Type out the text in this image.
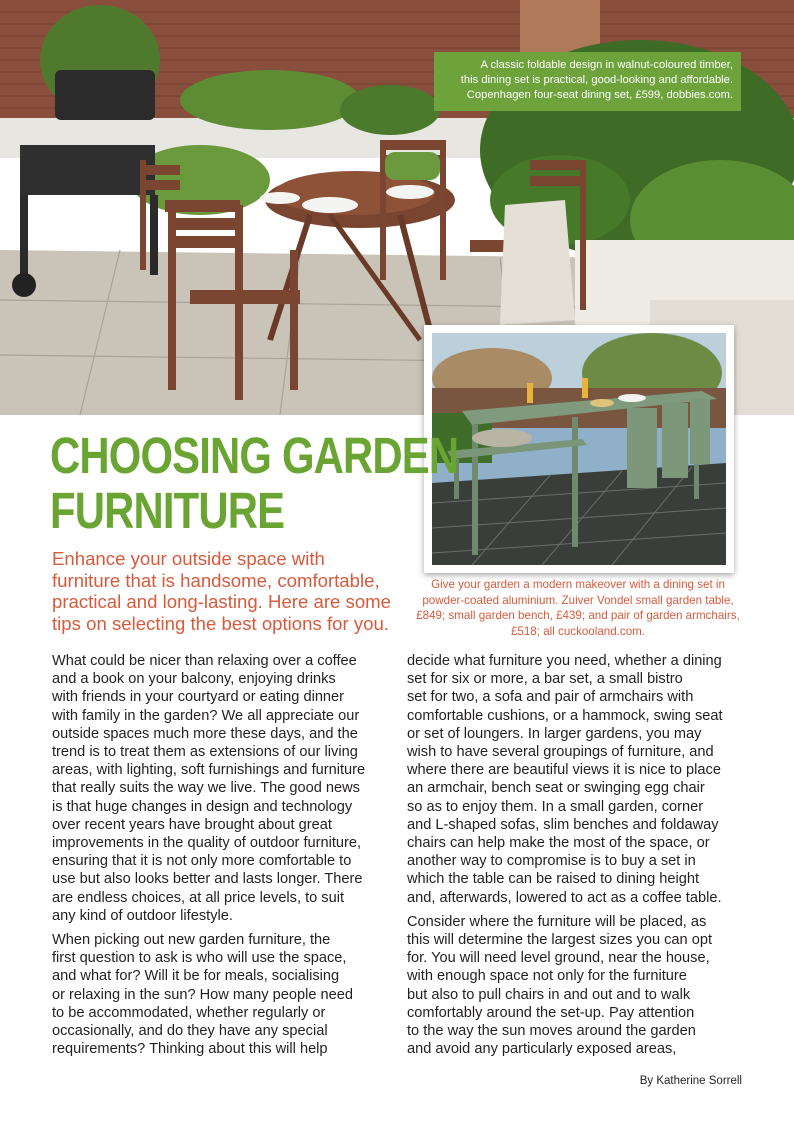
A classic foldable design in walnut-coloured timber,
this dining set is practical, good-looking and affordable.
Copenhagen four-seat dining set, £599, dobbies.com.
CHOOSING GARDEN
FURNITURE
Enhance your outside space with
furniture that is handsome, comfortable,
practical and long-lasting. Here are some
tips on selecting the best options for you.
Give your garden a modern makeover with a dining set in
powder-coated aluminium. Zuiver Vondel small garden table,
£849; small garden bench, £439; and pair of garden armchairs,
£518; all cuckooland.com.

What could be nicer than relaxing over a coffee
and a book on your balcony, enjoying drinks
with friends in your courtyard or eating dinner
with family in the garden? We all appreciate our
outside spaces much more these days, and the
trend is to treat them as extensions of our living
areas, with lighting, soft furnishings and furniture
that really suits the way we live. The good news
is that huge changes in design and technology
over recent years have brought about great
improvements in the quality of outdoor furniture,
ensuring that it is not only more comfortable to
use but also looks better and lasts longer. There
are endless choices, at all price levels, to suit
any kind of outdoor lifestyle.

When picking out new garden furniture, the
first question to ask is who will use the space,
and what for? Will it be for meals, socialising
or relaxing in the sun? How many people need
to be accommodated, whether regularly or
occasionally, and do they have any special
requirements? Thinking about this will help

decide what furniture you need, whether a dining
set for six or more, a bar set, a small bistro
set for two, a sofa and pair of armchairs with
comfortable cushions, or a hammock, swing seat
or set of loungers. In larger gardens, you may
wish to have several groupings of furniture, and
where there are beautiful views it is nice to place
an armchair, bench seat or swinging egg chair
so as to enjoy them. In a small garden, corner
and L-shaped sofas, slim benches and foldaway
chairs can help make the most of the space, or
another way to compromise is to buy a set in
which the table can be raised to dining height
and, afterwards, lowered to act as a coffee table.

Consider where the furniture will be placed, as
this will determine the largest sizes you can opt
for. You will need level ground, near the house,
with enough space not only for the furniture
but also to pull chairs in and out and to walk
comfortably around the set-up. Pay attention
to the way the sun moves around the garden
and avoid any particularly exposed areas,

By Katherine Sorrell
